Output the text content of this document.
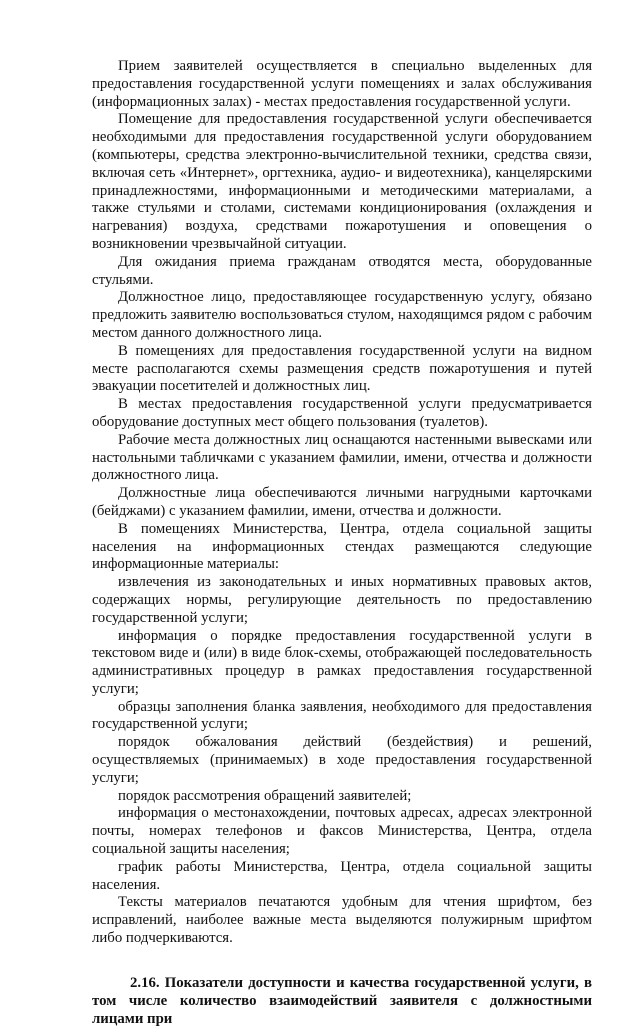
Прием заявителей осуществляется в специально выделенных для предоставления государственной услуги помещениях и залах обслуживания (информационных залах) - местах предоставления государственной услуги.

Помещение для предоставления государственной услуги обеспечивается необходимыми для предоставления государственной услуги оборудованием (компьютеры, средства электронно-вычислительной техники, средства связи, включая сеть «Интернет», оргтехника, аудио- и видеотехника), канцелярскими принадлежностями, информационными и методическими материалами, а также стульями и столами, системами кондиционирования (охлаждения и нагревания) воздуха, средствами пожаротушения и оповещения о возникновении чрезвычайной ситуации.

Для ожидания приема гражданам отводятся места, оборудованные стульями.

Должностное лицо, предоставляющее государственную услугу, обязано предложить заявителю воспользоваться стулом, находящимся рядом с рабочим местом данного должностного лица.

В помещениях для предоставления государственной услуги на видном месте располагаются схемы размещения средств пожаротушения и путей эвакуации посетителей и должностных лиц.

В местах предоставления государственной услуги предусматривается оборудование доступных мест общего пользования (туалетов).

Рабочие места должностных лиц оснащаются настенными вывесками или настольными табличками с указанием фамилии, имени, отчества и должности должностного лица.

Должностные лица обеспечиваются личными нагрудными карточками (бейджами) с указанием фамилии, имени, отчества и должности.

В помещениях Министерства, Центра, отдела социальной защиты населения на информационных стендах размещаются следующие информационные материалы:

извлечения из законодательных и иных нормативных правовых актов, содержащих нормы, регулирующие деятельность по предоставлению государственной услуги;

информация о порядке предоставления государственной услуги в текстовом виде и (или) в виде блок-схемы, отображающей последовательность административных процедур в рамках предоставления государственной услуги;

образцы заполнения бланка заявления, необходимого для предоставления государственной услуги;

порядок обжалования действий (бездействия) и решений, осуществляемых (принимаемых) в ходе предоставления государственной услуги;

порядок рассмотрения обращений заявителей;

информация о местонахождении, почтовых адресах, адресах электронной почты, номерах телефонов и факсов Министерства, Центра, отдела социальной защиты населения;

график работы Министерства, Центра, отдела социальной защиты населения.

Тексты материалов печатаются удобным для чтения шрифтом, без исправлений, наиболее важные места выделяются полужирным шрифтом либо подчеркиваются.

2.16. Показатели доступности и качества государственной услуги, в том числе количество взаимодействий заявителя с должностными лицами при
